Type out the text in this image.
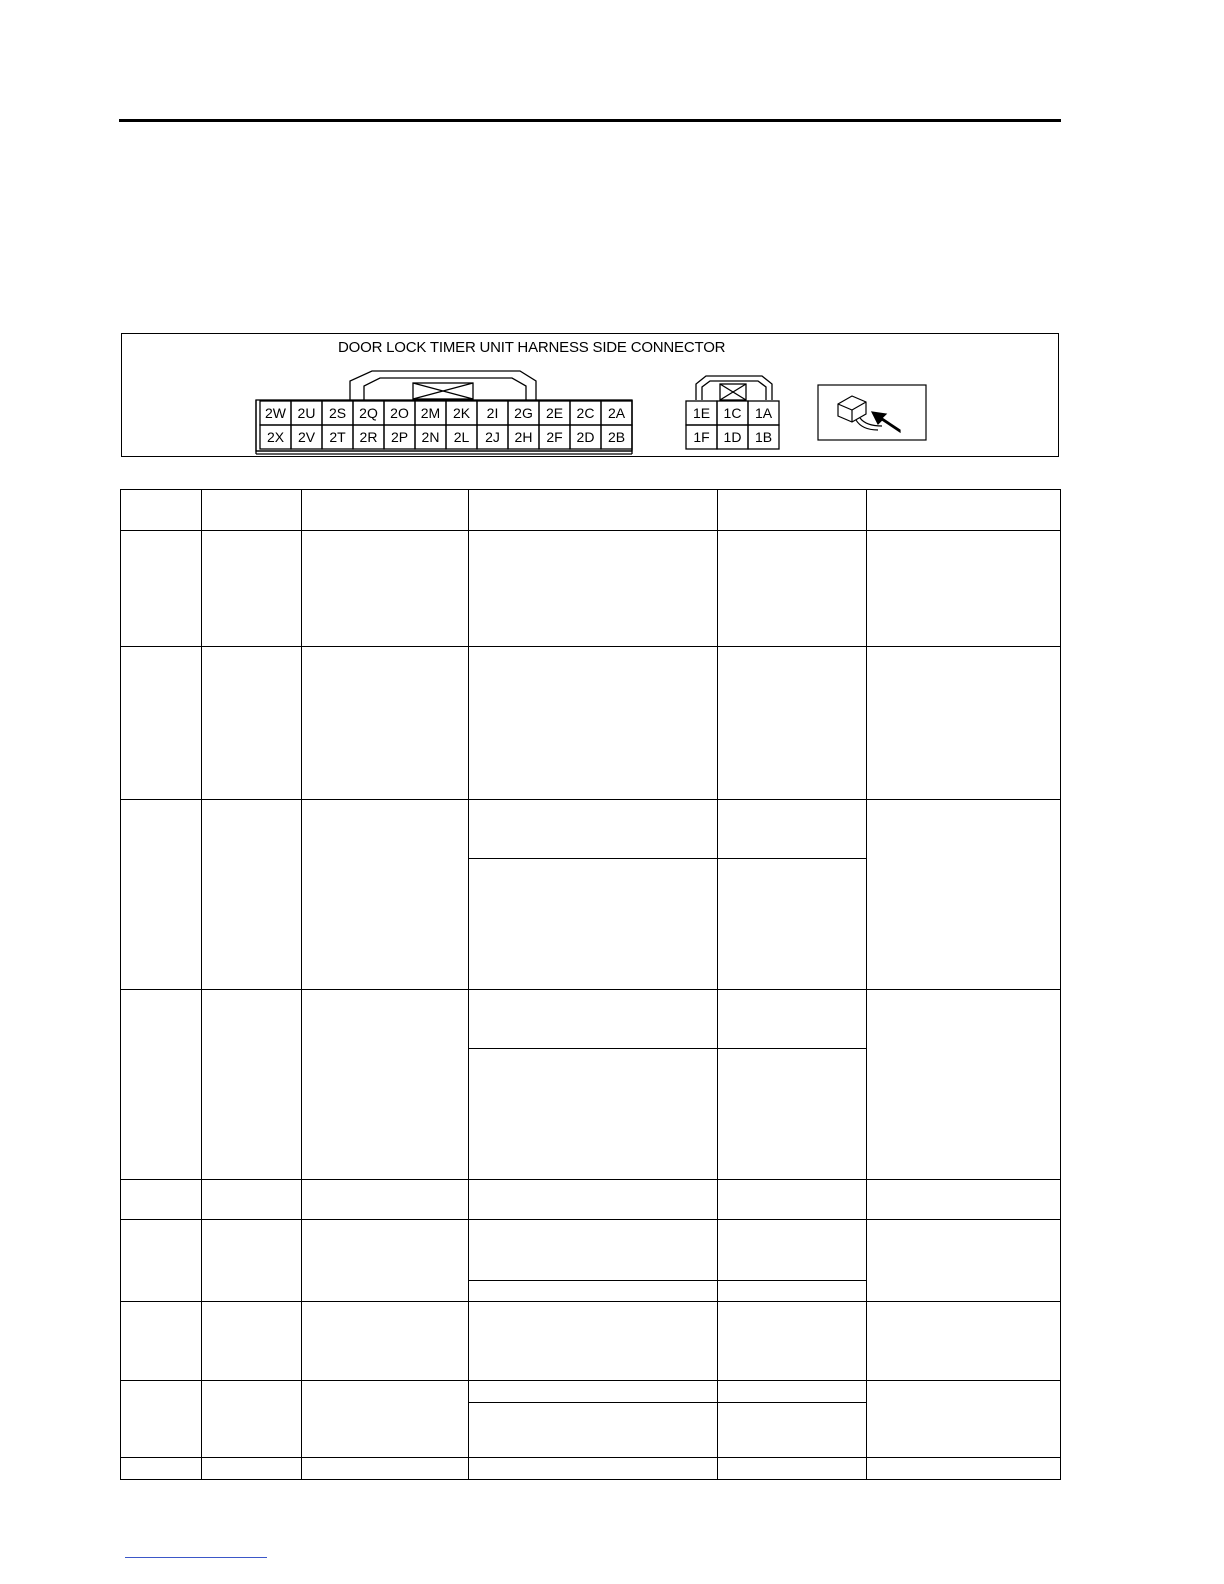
DOOR LOCK TIMER UNIT HARNESS SIDE CONNECTOR
2W 2U 2S 2Q 2O 2M 2K 2I 2G 2E 2C 2A
2X 2V 2T 2R 2P 2N 2L 2J 2H 2F 2D 2B
1E 1C 1A
1F 1D 1B
